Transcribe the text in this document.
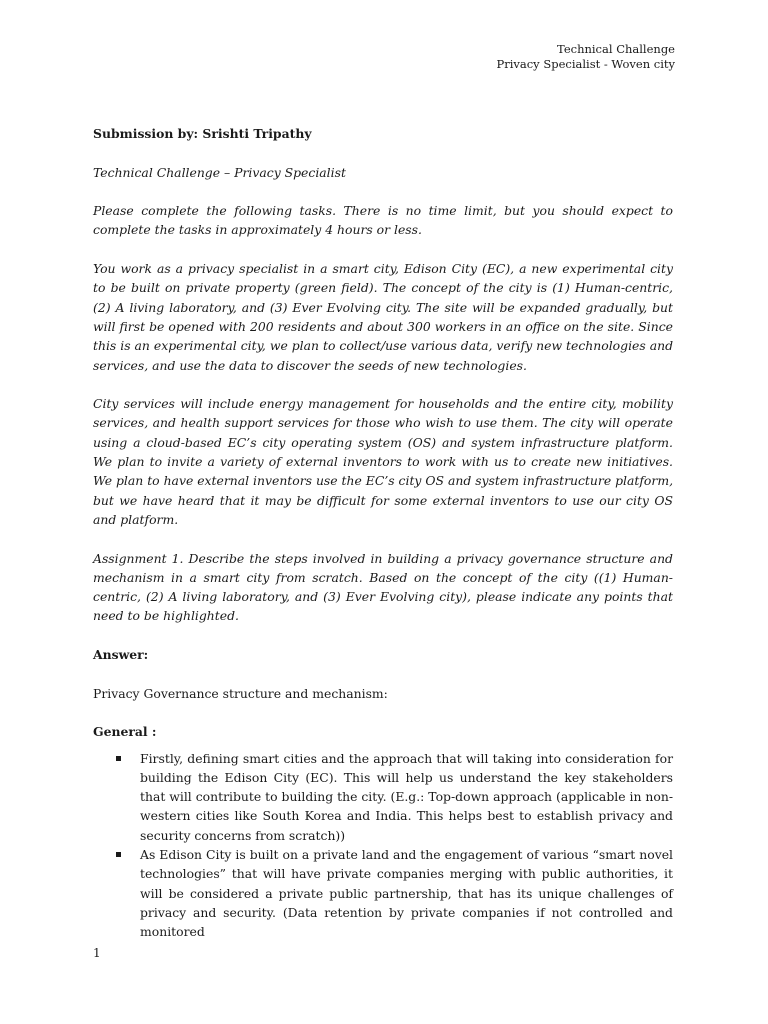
Technical Challenge
Privacy Specialist - Woven city

Submission by: Srishti Tripathy

Technical Challenge – Privacy Specialist

Please complete the following tasks. There is no time limit, but you should expect to complete the tasks in approximately 4 hours or less.

You work as a privacy specialist in a smart city, Edison City (EC), a new experimental city to be built on private property (green field). The concept of the city is (1) Human-centric, (2) A living laboratory, and (3) Ever Evolving city. The site will be expanded gradually, but will first be opened with 200 residents and about 300 workers in an office on the site. Since this is an experimental city, we plan to collect/use various data, verify new technologies and services, and use the data to discover the seeds of new technologies.

City services will include energy management for households and the entire city, mobility services, and health support services for those who wish to use them. The city will operate using a cloud-based EC’s city operating system (OS) and system infrastructure platform. We plan to invite a variety of external inventors to work with us to create new initiatives. We plan to have external inventors use the EC’s city OS and system infrastructure platform, but we have heard that it may be difficult for some external inventors to use our city OS and platform.

Assignment 1. Describe the steps involved in building a privacy governance structure and mechanism in a smart city from scratch. Based on the concept of the city ((1) Human-centric, (2) A living laboratory, and (3) Ever Evolving city), please indicate any points that need to be highlighted.

Answer:

Privacy Governance structure and mechanism:

General :

Firstly, defining smart cities and the approach that will taking into consideration for building the Edison City (EC). This will help us understand the key stakeholders that will contribute to building the city. (E.g.: Top-down approach (applicable in non-western cities like South Korea and India. This helps best to establish privacy and security concerns from scratch))
As Edison City is built on a private land and the engagement of various “smart novel technologies” that will have private companies merging with public authorities, it will be considered a private public partnership, that has its unique challenges of privacy and security. (Data retention by private companies if not controlled and monitored
1
